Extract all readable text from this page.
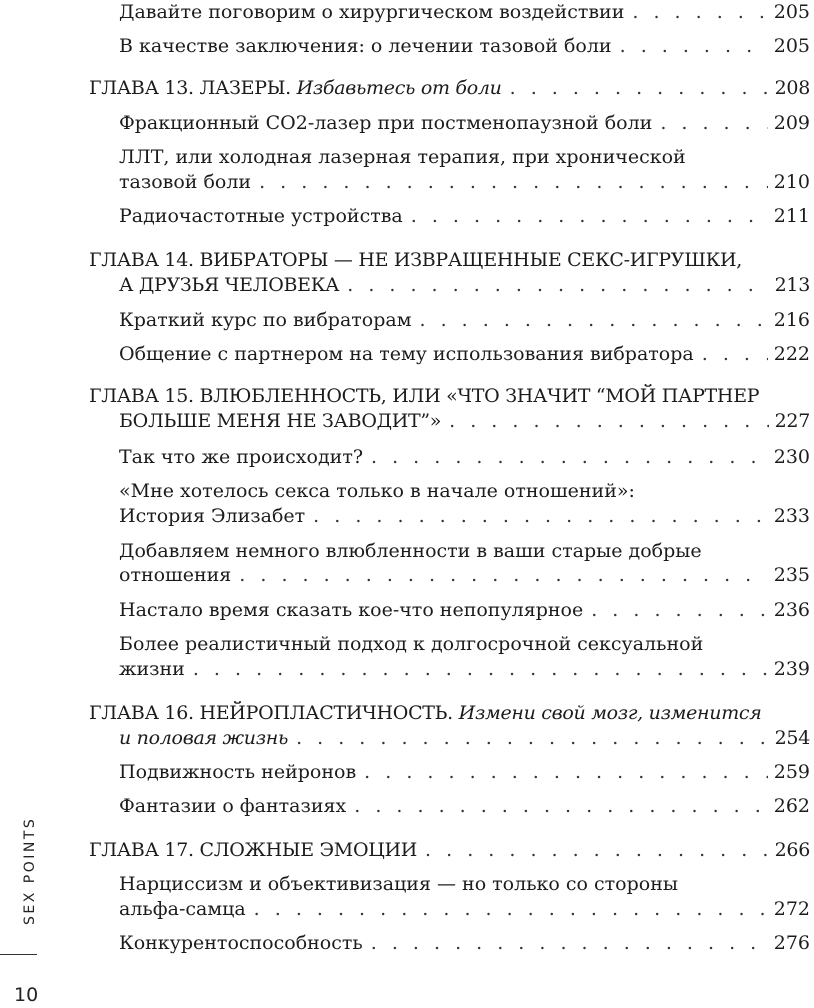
Давайте поговорим о хирургическом воздействии . . .	205
В качестве заключения: о лечении тазовой боли . . .	205
ГЛАВА 13. ЛАЗЕРЫ. Избавьтесь от боли . . .	208
Фракционный CO2-лазер при постменопаузной боли . . .	209
ЛЛТ, или холодная лазерная терапия, при хронической
тазовой боли . . .	210
Радиочастотные устройства . . .	211
ГЛАВА 14. ВИБРАТОРЫ — НЕ ИЗВРАЩЕННЫЕ СЕКС-ИГРУШКИ,
А ДРУЗЬЯ ЧЕЛОВЕКА . . .	213
Краткий курс по вибраторам . . .	216
Общение с партнером на тему использования вибратора . . .	222
ГЛАВА 15. ВЛЮБЛЕННОСТЬ, ИЛИ «ЧТО ЗНАЧИТ “МОЙ ПАРТНЕР
БОЛЬШЕ МЕНЯ НЕ ЗАВОДИТ”» . . .	227
Так что же происходит? . . .	230
«Мне хотелось секса только в начале отношений»:
История Элизабет . . .	233
Добавляем немного влюбленности в ваши старые добрые
отношения . . .	235
Настало время сказать кое-что непопулярное . . .	236
Более реалистичный подход к долгосрочной сексуальной
жизни . . .	239
ГЛАВА 16. НЕЙРОПЛАСТИЧНОСТЬ. Измени свой мозг, изменится
и половая жизнь . . .	254
Подвижность нейронов . . .	259
Фантазии о фантазиях . . .	262
ГЛАВА 17. СЛОЖНЫЕ ЭМОЦИИ . . .	266
Нарциссизм и объективизация — но только со стороны
альфа-самца . . .	272
Конкурентоспособность . . .	276
SEX POINTS
10
